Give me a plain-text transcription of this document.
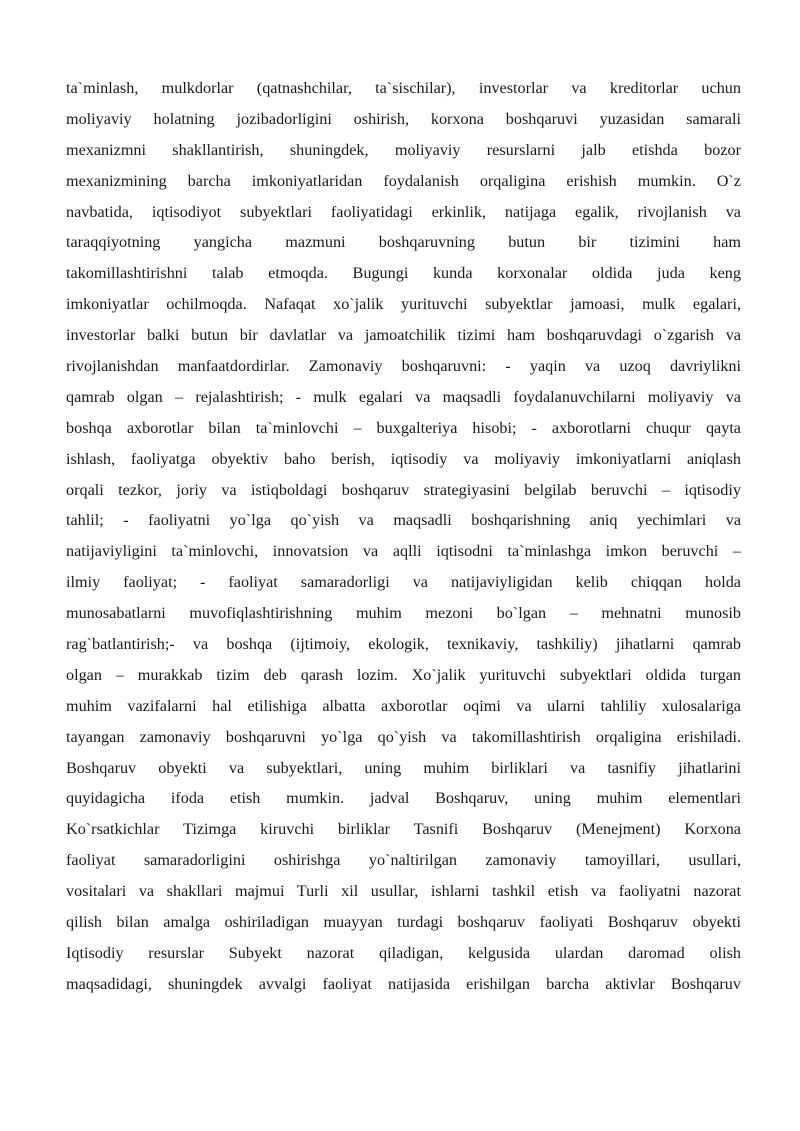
ta`minlash, mulkdorlar (qatnashchilar, ta`sischilar), investorlar va kreditorlar uchun
moliyaviy holatning jozibadorligini oshirish, korxona boshqaruvi yuzasidan samarali
mexanizmni shakllantirish, shuningdek, moliyaviy resurslarni jalb etishda bozor
mexanizmining barcha imkoniyatlaridan foydalanish orqaligina erishish mumkin. O`z
navbatida, iqtisodiyot subyektlari faoliyatidagi erkinlik, natijaga egalik, rivojlanish va
taraqqiyotning yangicha mazmuni boshqaruvning butun bir tizimini ham
takomillashtirishni talab etmoqda. Bugungi kunda korxonalar oldida juda keng
imkoniyatlar ochilmoqda. Nafaqat xo`jalik yurituvchi subyektlar jamoasi, mulk egalari,
investorlar balki butun bir davlatlar va jamoatchilik tizimi ham boshqaruvdagi o`zgarish va
rivojlanishdan manfaatdordirlar. Zamonaviy boshqaruvni: - yaqin va uzoq davriylikni
qamrab olgan – rejalashtirish; - mulk egalari va maqsadli foydalanuvchilarni moliyaviy va
boshqa axborotlar bilan ta`minlovchi – buxgalteriya hisobi; - axborotlarni chuqur qayta
ishlash, faoliyatga obyektiv baho berish, iqtisodiy va moliyaviy imkoniyatlarni aniqlash
orqali tezkor, joriy va istiqboldagi boshqaruv strategiyasini belgilab beruvchi – iqtisodiy
tahlil; - faoliyatni yo`lga qo`yish va maqsadli boshqarishning aniq yechimlari va
natijaviyligini ta`minlovchi, innovatsion va aqlli iqtisodni ta`minlashga imkon beruvchi –
ilmiy faoliyat; - faoliyat samaradorligi va natijaviyligidan kelib chiqqan holda
munosabatlarni muvofiqlashtirishning muhim mezoni bo`lgan – mehnatni munosib
rag`batlantirish;- va boshqa (ijtimoiy, ekologik, texnikaviy, tashkiliy) jihatlarni qamrab
olgan – murakkab tizim deb qarash lozim. Xo`jalik yurituvchi subyektlari oldida turgan
muhim vazifalarni hal etilishiga albatta axborotlar oqimi va ularni tahliliy xulosalariga
tayangan zamonaviy boshqaruvni yo`lga qo`yish va takomillashtirish orqaligina erishiladi.
Boshqaruv obyekti va subyektlari, uning muhim birliklari va tasnifiy jihatlarini
quyidagicha ifoda etish mumkin. jadval Boshqaruv, uning muhim elementlari
Ko`rsatkichlar Tizimga kiruvchi birliklar Tasnifi Boshqaruv (Menejment) Korxona
faoliyat samaradorligini oshirishga yo`naltirilgan zamonaviy tamoyillari, usullari,
vositalari va shakllari majmui Turli xil usullar, ishlarni tashkil etish va faoliyatni nazorat
qilish bilan amalga oshiriladigan muayyan turdagi boshqaruv faoliyati Boshqaruv obyekti
Iqtisodiy resurslar Subyekt nazorat qiladigan, kelgusida ulardan daromad olish
maqsadidagi, shuningdek avvalgi faoliyat natijasida erishilgan barcha aktivlar Boshqaruv
